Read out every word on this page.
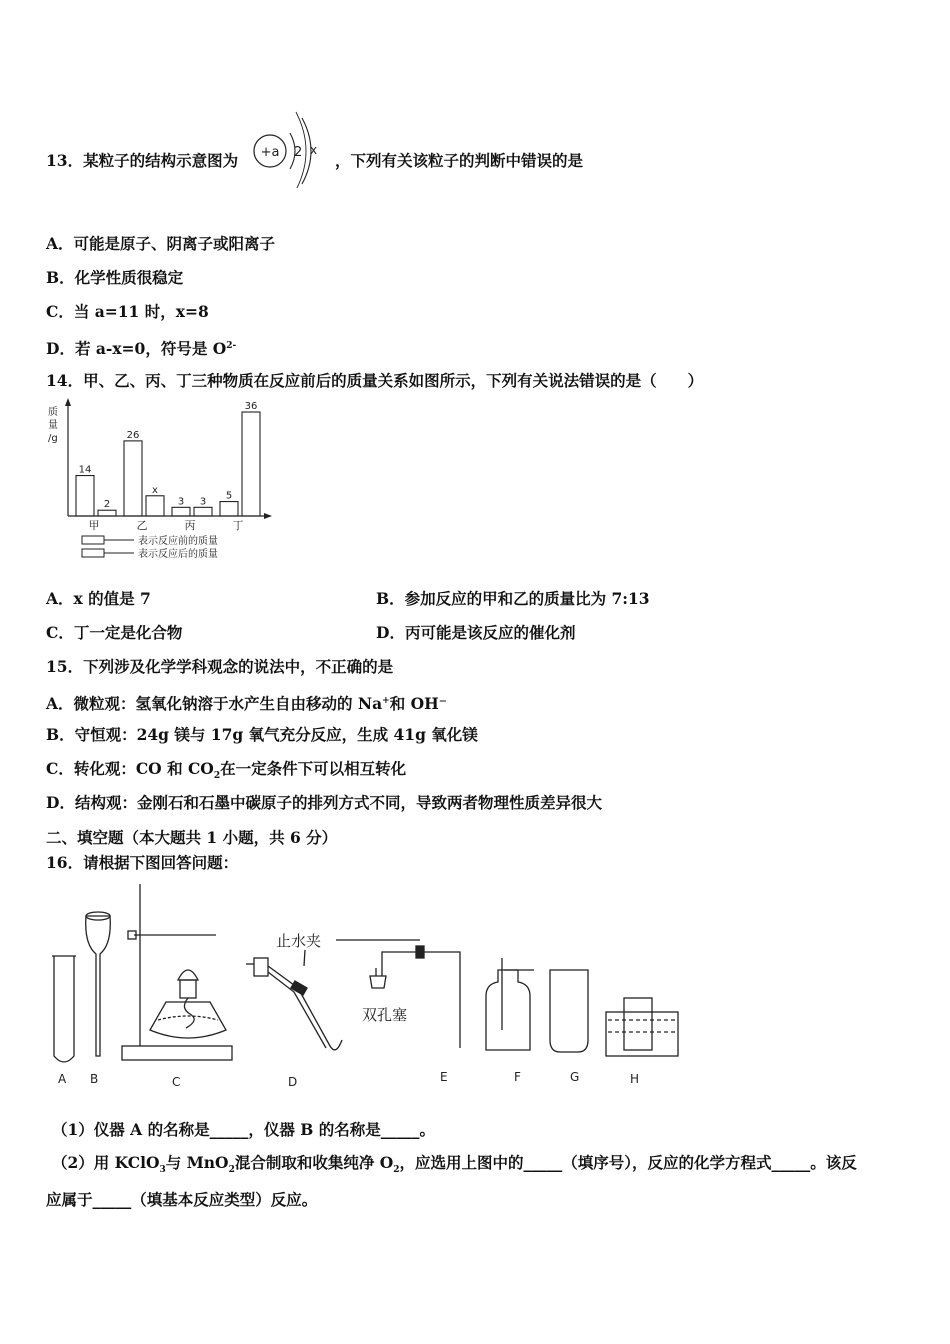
13．某粒子的结构示意图为 +a 2 x
，下列有关该粒子的判断中错误的是
A．可能是原子、阴离子或阳离子
B．化学性质很稳定
C．当 a=11 时，x=8
D．若 a-x=0，符号是 $O^{2-}$
14．甲、乙、丙、丁三种物质在反应前后的质量关系如图所示，下列有关说法错误的是（　　）
质
量
/g
14
2
26
x
3 3
5
36
甲	乙	丙	丁
表示反应前的质量
表示反应后的质量
A．x 的值是 7	B．参加反应的甲和乙的质量比为 7:13
C．丁一定是化合物	D．丙可能是该反应的催化剂
15．下列涉及化学学科观念的说法中，不正确的是
A．微粒观：氢氧化钠溶于水产生自由移动的 Na+和 OH⁻
B．守恒观：24g 镁与 17g 氧气充分反应，生成 41g 氧化镁
C．转化观：CO 和 $CO_2$在一定条件下可以相互转化
D．结构观：金刚石和石墨中碳原子的排列方式不同，导致两者物理性质差异很大
二、填空题（本大题共 1 小题，共 6 分）
16．请根据下图回答问题：
止水夹
双孔塞
A B	C	D	E	F	G	H
（1）仪器 A 的名称是_____，仪器 B 的名称是_____。
（2）用 KClO$_3$与 MnO$_2$混合制取和收集纯净 $O_2$，应选用上图中的_____（填序号），反应的化学方程式_____。该反
应属于_____（填基本反应类型）反应。
